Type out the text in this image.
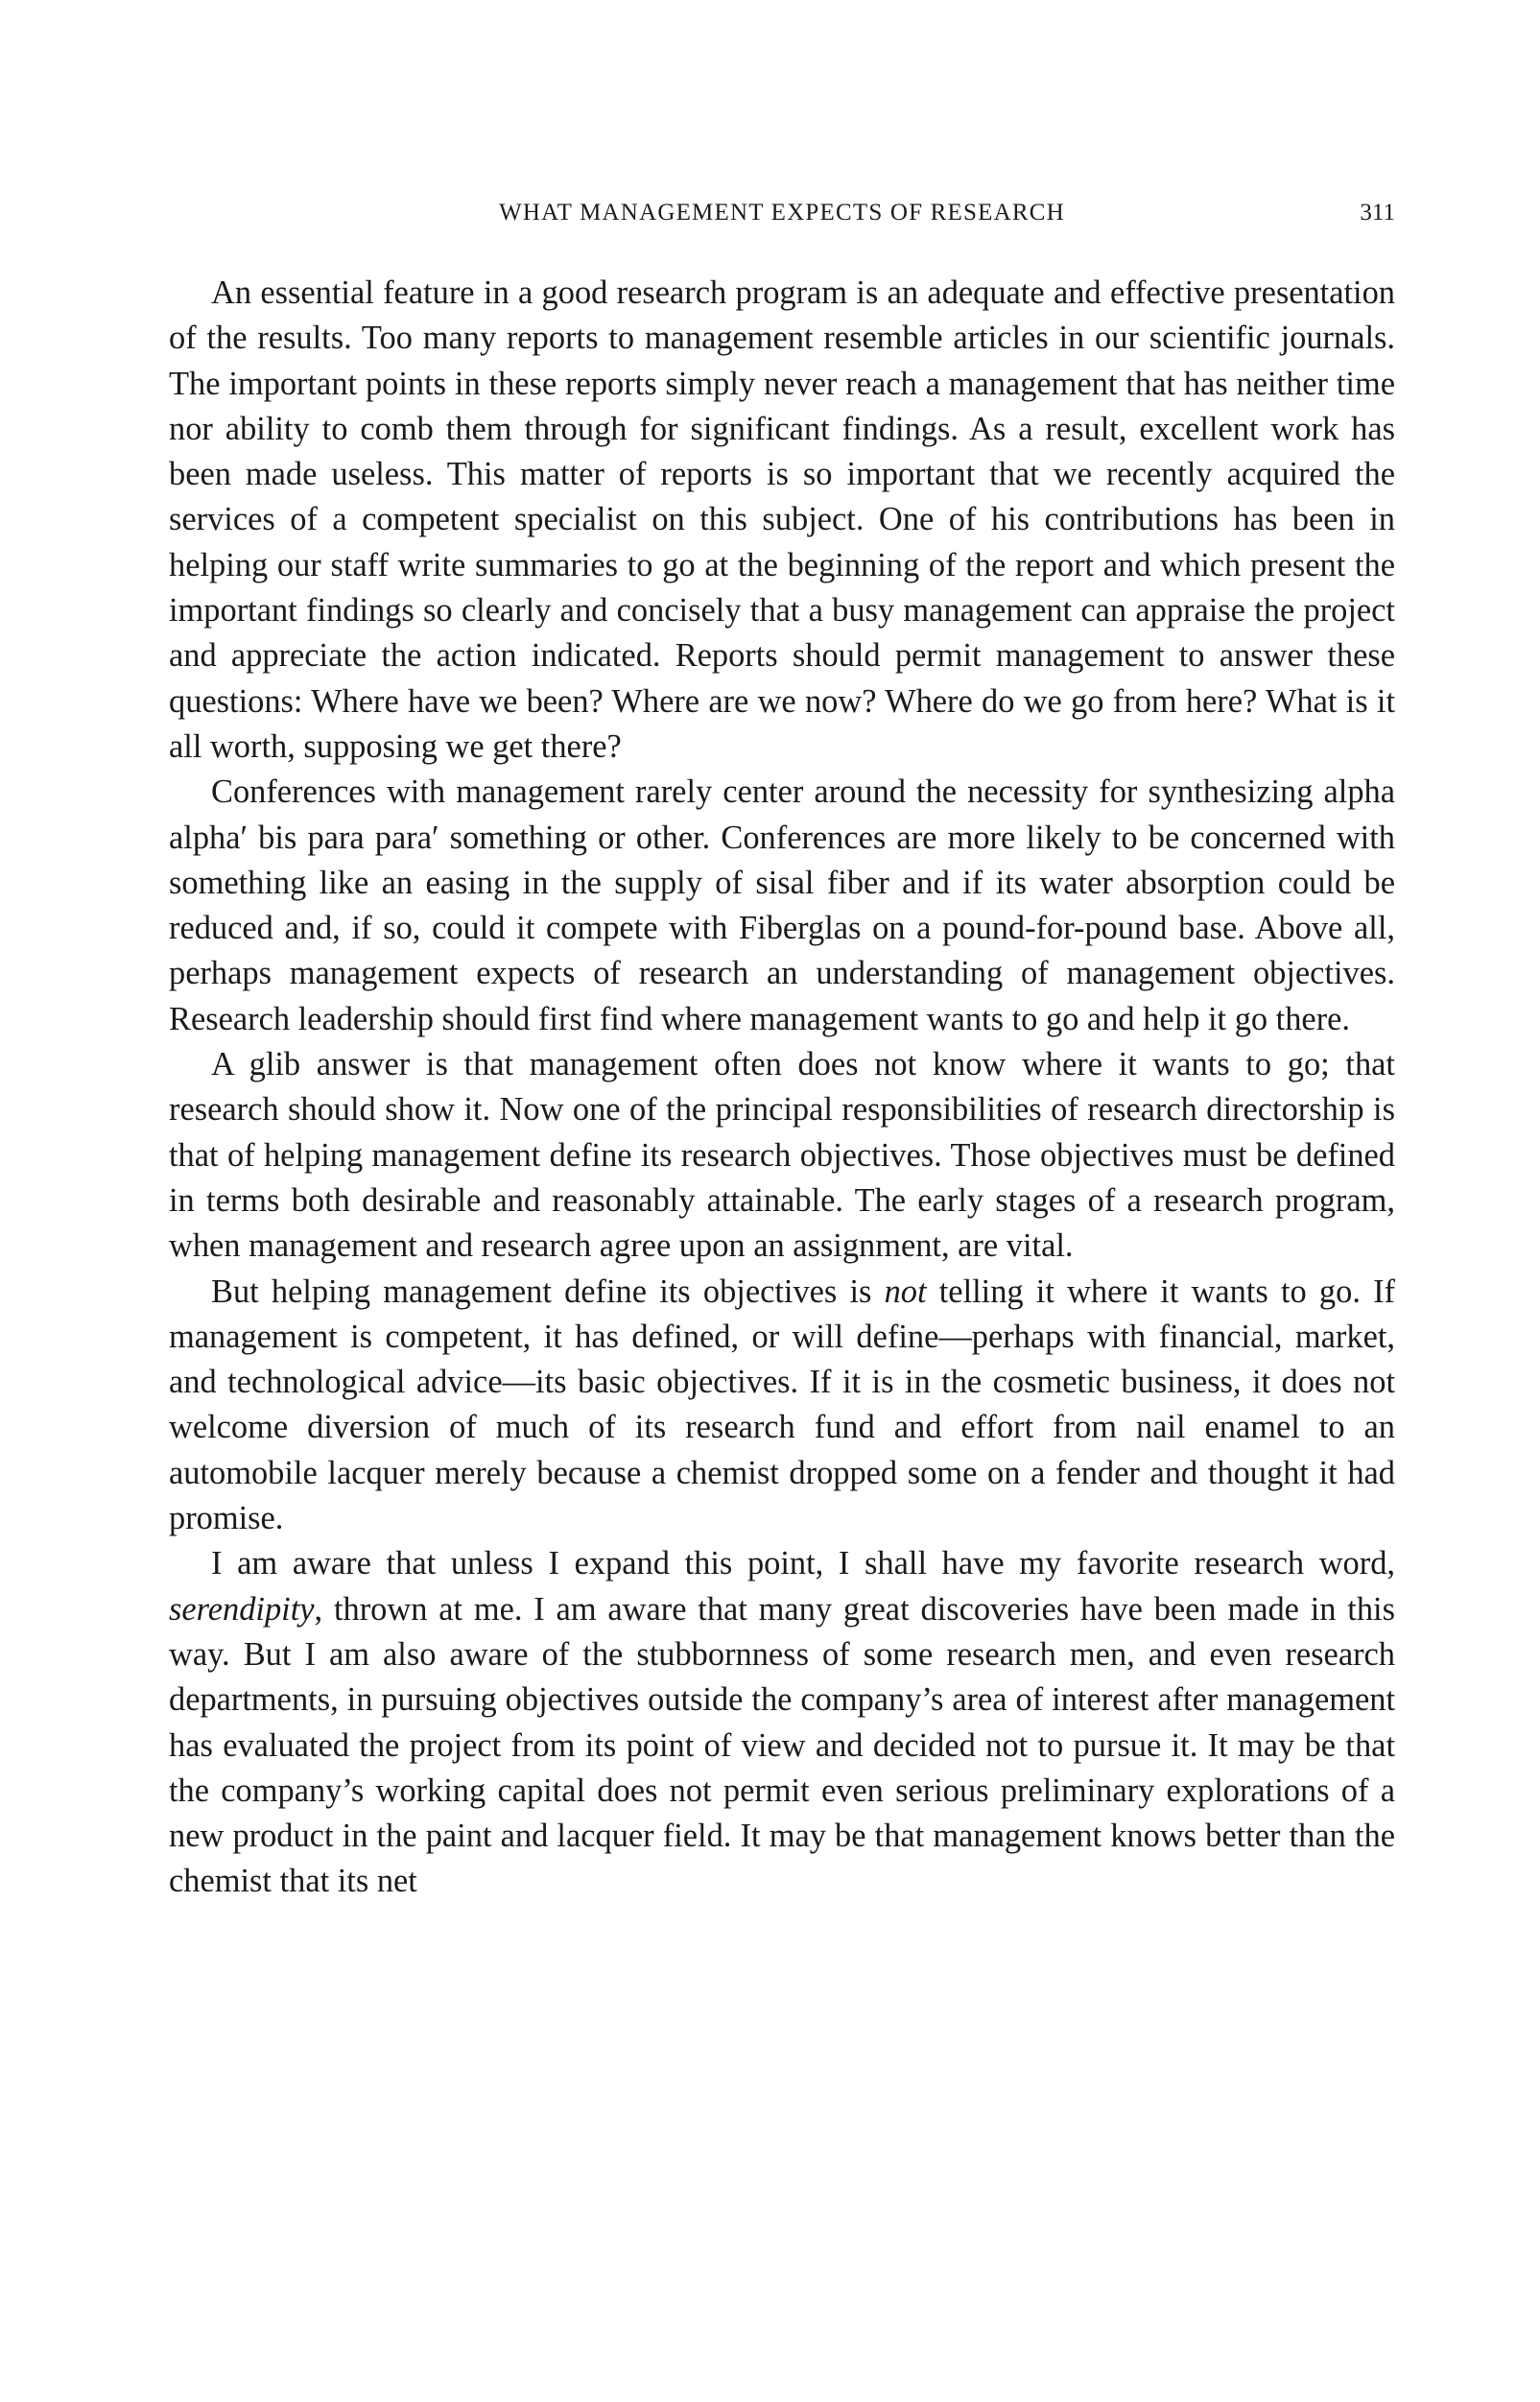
WHAT MANAGEMENT EXPECTS OF RESEARCH	311

An essential feature in a good research program is an adequate and effective presentation of the results. Too many reports to management resemble articles in our scientific journals. The important points in these reports simply never reach a management that has neither time nor ability to comb them through for significant findings. As a result, excellent work has been made useless. This matter of reports is so important that we recently acquired the services of a competent specialist on this subject. One of his contributions has been in helping our staff write summaries to go at the beginning of the report and which present the important findings so clearly and concisely that a busy management can appraise the project and appreciate the action indicated. Reports should permit management to answer these questions: Where have we been? Where are we now? Where do we go from here? What is it all worth, supposing we get there?

Conferences with management rarely center around the necessity for synthesizing alpha alpha′ bis para para′ something or other. Conferences are more likely to be concerned with something like an easing in the supply of sisal fiber and if its water absorption could be reduced and, if so, could it compete with Fiberglas on a pound-for-pound base. Above all, perhaps management expects of research an understanding of management objectives. Research leadership should first find where management wants to go and help it go there.

A glib answer is that management often does not know where it wants to go; that research should show it. Now one of the principal responsibilities of research directorship is that of helping management define its research objectives. Those objectives must be defined in terms both desirable and reasonably attainable. The early stages of a research program, when management and research agree upon an assignment, are vital.

But helping management define its objectives is not telling it where it wants to go. If management is competent, it has defined, or will define—perhaps with financial, market, and technological advice—its basic objectives. If it is in the cosmetic business, it does not welcome diversion of much of its research fund and effort from nail enamel to an automobile lacquer merely because a chemist dropped some on a fender and thought it had promise.

I am aware that unless I expand this point, I shall have my favorite research word, serendipity, thrown at me. I am aware that many great discoveries have been made in this way. But I am also aware of the stubbornness of some research men, and even research departments, in pursuing objectives outside the company’s area of interest after management has evaluated the project from its point of view and decided not to pursue it. It may be that the company’s working capital does not permit even serious preliminary explorations of a new product in the paint and lacquer field. It may be that management knows better than the chemist that its net
